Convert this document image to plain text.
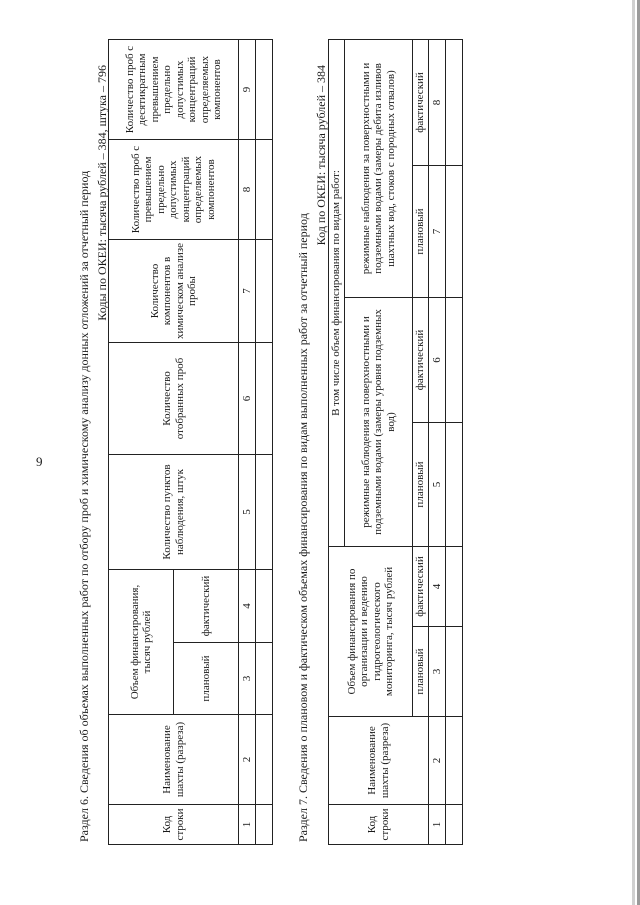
9	Раздел 6. Сведения об объемах выполненных работ по отбору проб и химическому анализу донных отложений за отчетный период Коды по ОКЕИ: тысяча рублей – 384, штука – 796
Код строки	Наименование шахты (разреза)	Объем финансирования, тысяч рублей		Количество пунктов наблюдения, штук	Количество отобранных проб	Количество компонентов в химическом анализе пробы	Количество проб с превышением предельно допустимых концентраций определяемых компонентов	Количество проб с десятикратным превышением предельно допустимых концентраций определяемых компонентов
		плановый	фактический					
1	2	3	4	5	6	7	8	9

Раздел 7. Сведения о плановом и фактическом объемах финансирования по видам выполненных работ за отчетный период
Код по ОКЕИ: тысяча рублей – 384
Код строки	Наименование шахты (разреза)	Объем финансирования по организации и ведению гидрогеологического мониторинга, тысяч рублей		В том числе объем финансирования по видам работ:			
				режимные наблюдения за поверхностными и подземными водами (замеры уровня подземных вод)		режимные наблюдения за поверхностными и подземными водами (замеры дебита изливов шахтных вод, стоков с породных отвалов)	
		плановый	фактический	плановый	фактический	плановый	фактический
1	2	3	4	5	6	7	8
